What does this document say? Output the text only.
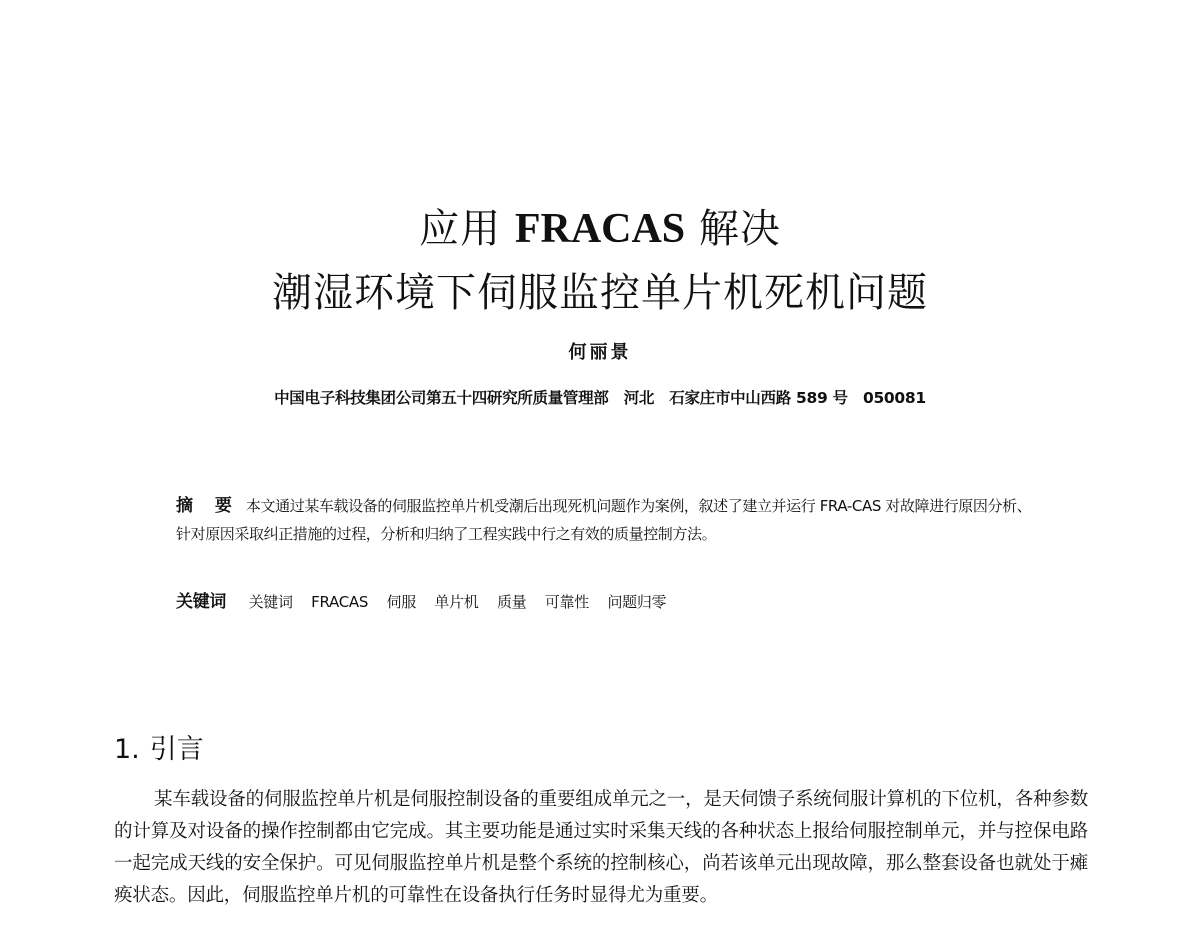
应用 FRACAS 解决
潮湿环境下伺服监控单片机死机问题
何丽景
中国电子科技集团公司第五十四研究所质量管理部　河北　石家庄市中山西路 589 号　050081
摘 要 本文通过某车载设备的伺服监控单片机受潮后出现死机问题作为案例，叙述了建立并运行 FRA-CAS 对故障进行原因分析、针对原因采取纠正措施的过程，分析和归纳了工程实践中行之有效的质量控制方法。
关键词 关键词 FRACAS 伺服 单片机 质量 可靠性 问题归零
1. 引言
某车载设备的伺服监控单片机是伺服控制设备的重要组成单元之一，是天伺馈子系统伺服计算机的下位机，各种参数的计算及对设备的操作控制都由它完成。其主要功能是通过实时采集天线的各种状态上报给伺服控制单元，并与控保电路一起完成天线的安全保护。可见伺服监控单片机是整个系统的控制核心，尚若该单元出现故障，那么整套设备也就处于瘫痪状态。因此，伺服监控单片机的可靠性在设备执行任务时显得尤为重要。
